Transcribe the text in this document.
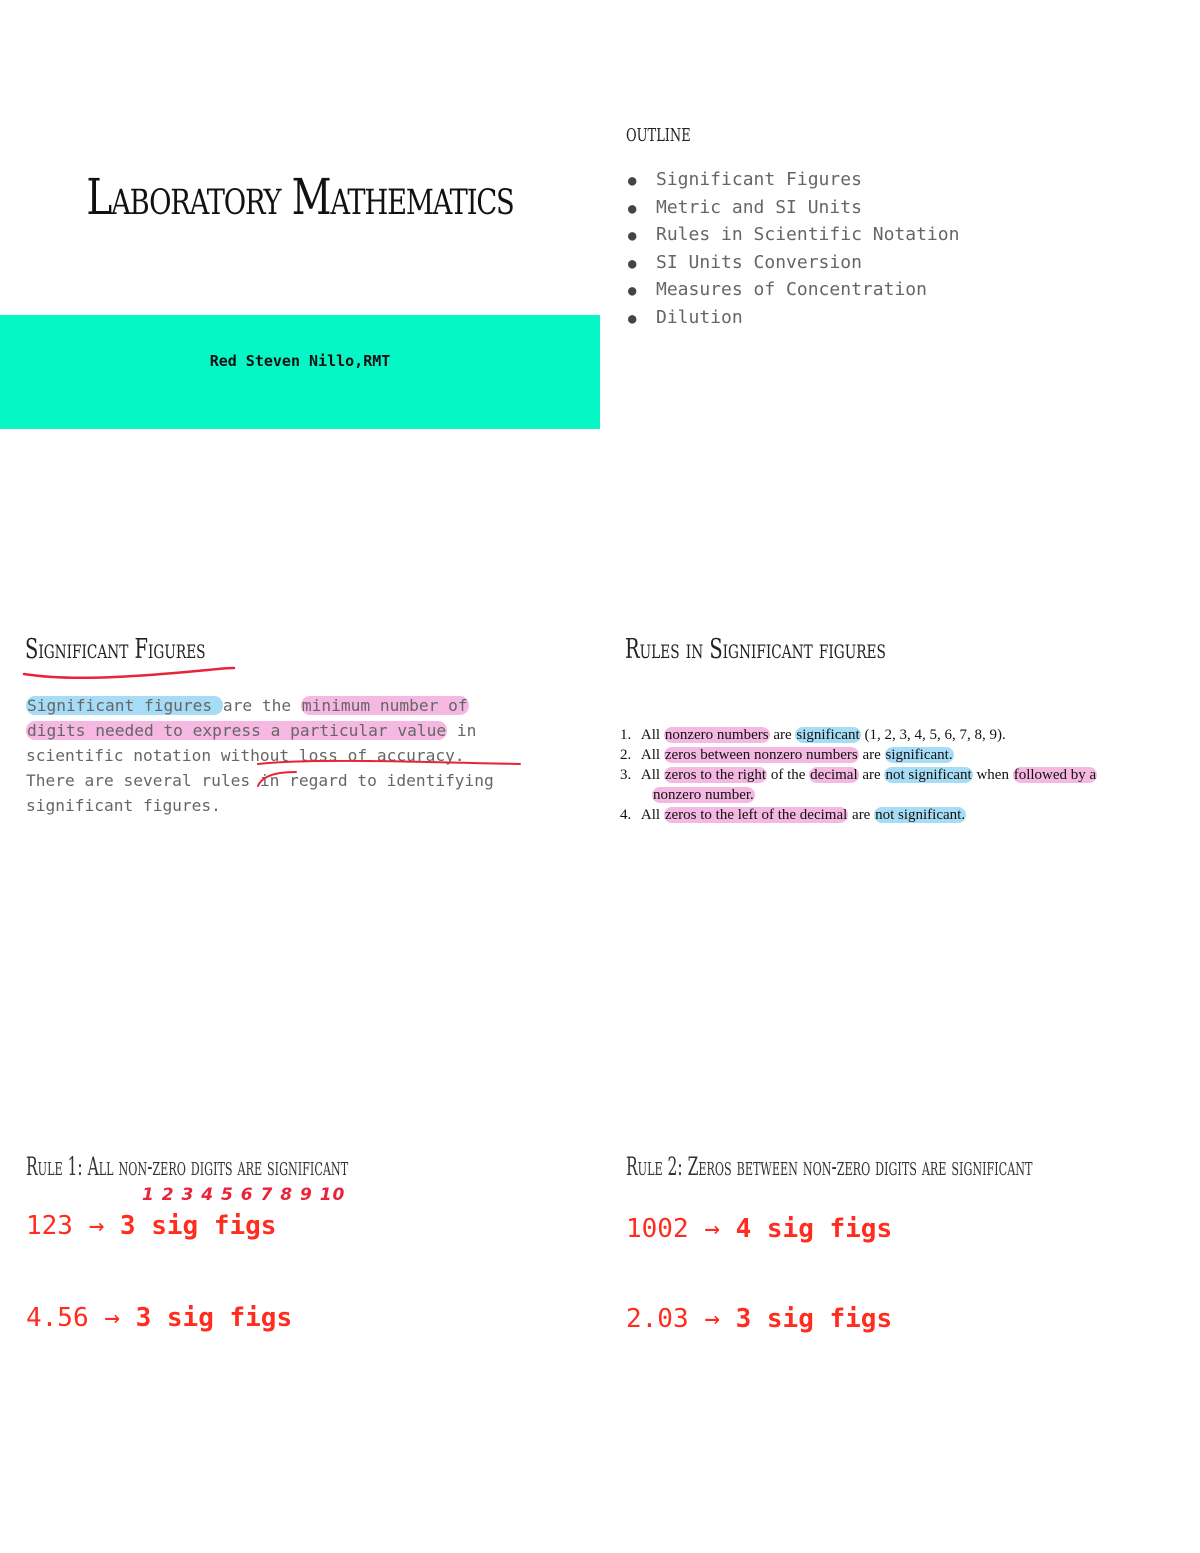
Laboratory Mathematics
Red Steven Nillo,RMT
outline
● Significant Figures
● Metric and SI Units
● Rules in Scientific Notation
● SI Units Conversion
● Measures of Concentration
● Dilution
Significant Figures
Significant figures are the minimum number of
digits needed to express a particular value in
scientific notation without loss of accuracy.
There are several rules in regard to identifying
significant figures.
Rules in Significant figures
1. All nonzero numbers are significant (1, 2, 3, 4, 5, 6, 7, 8, 9).
2. All zeros between nonzero numbers are significant.
3. All zeros to the right of the decimal are not significant when followed by a
nonzero number.
4. All zeros to the left of the decimal are not significant.
Rule 1: All non-zero digits are significant
1 2 3 4 5 6 7 8 9 10
123 → 3 sig figs
4.56 → 3 sig figs
Rule 2: Zeros between non-zero digits are significant
1002 → 4 sig figs
2.03 → 3 sig figs
